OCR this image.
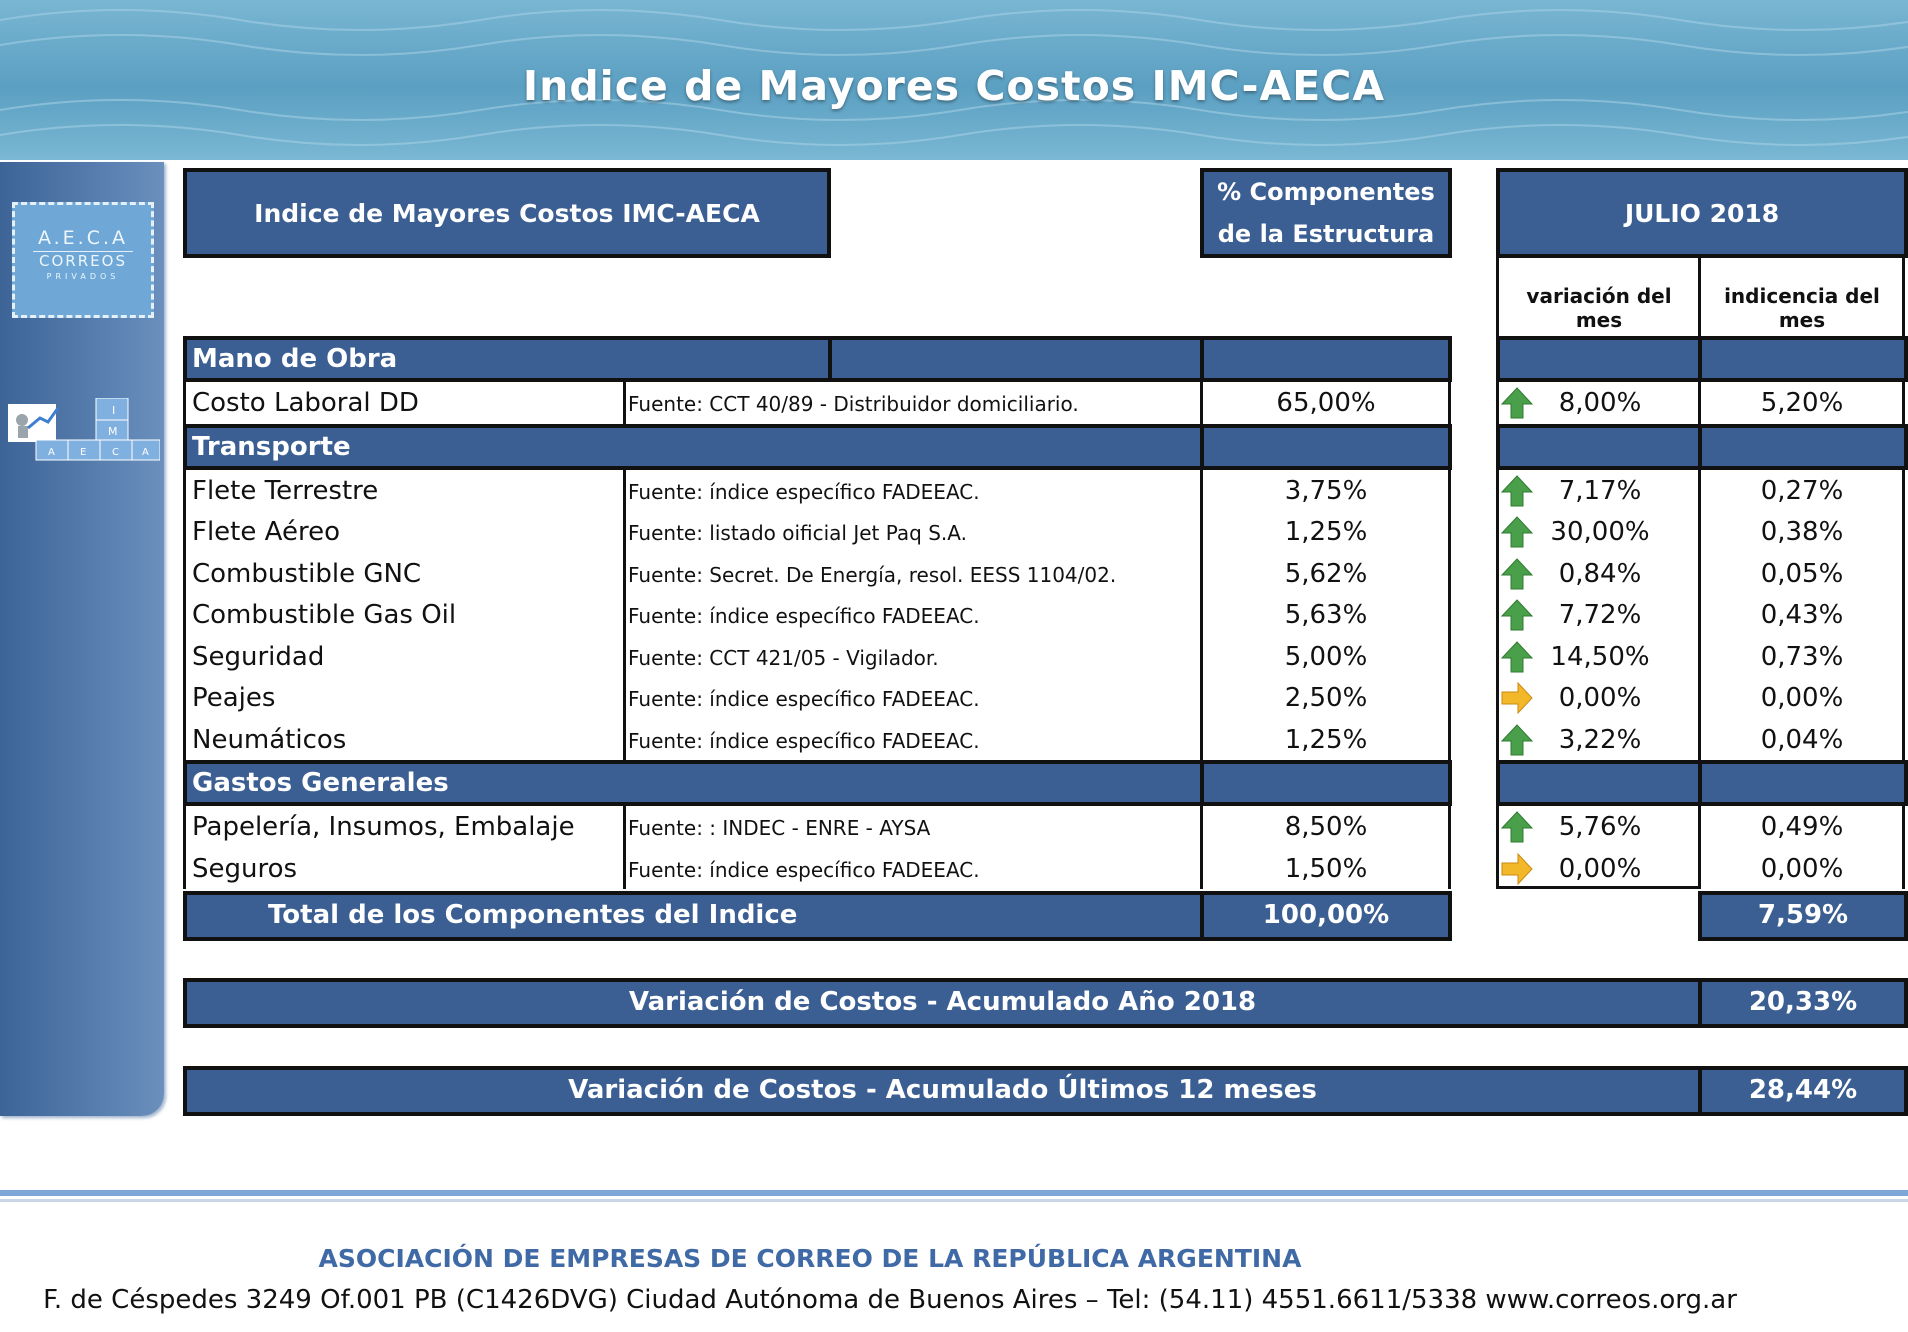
Indice de Mayores Costos IMC-AECA
A.E.C.A
CORREOS
PRIVADOS
I
M
A	E	C A
Indice de Mayores Costos IMC-AECA
% Componentes de la Estructura
JULIO 2018
variación del mes
indicencia del mes
Mano de Obra
Costo Laboral DD	Fuente: CCT 40/89 - Distribuidor domiciliario.	65,00%	8,00%	5,20%
Transporte
Flete Terrestre	Fuente: índice específico FADEEAC.	3,75%	7,17%	0,27%
Flete Aéreo	Fuente: listado oificial Jet Paq S.A.	1,25%	30,00%	0,38%
Combustible GNC	Fuente: Secret. De Energía, resol. EESS 1104/02.	5,62%	0,84%	0,05%
Combustible Gas Oil	Fuente: índice específico FADEEAC.	5,63%	7,72%	0,43%
Seguridad	Fuente: CCT 421/05 - Vigilador.	5,00%	14,50%	0,73%
Peajes	Fuente: índice específico FADEEAC.	2,50%	0,00%	0,00%
Neumáticos	Fuente: índice específico FADEEAC.	1,25%	3,22%	0,04%
Gastos Generales
Papelería, Insumos, Embalaje	Fuente: : INDEC - ENRE - AYSA	8,50%	5,76%	0,49%
Seguros	Fuente: índice específico FADEEAC.	1,50%	0,00%	0,00%
Total de los Componentes del Indice	100,00%	7,59%
Variación de Costos - Acumulado Año 2018	20,33%
Variación de Costos - Acumulado Últimos 12 meses	28,44%
ASOCIACIÓN DE EMPRESAS DE CORREO DE LA REPÚBLICA ARGENTINA
F. de Céspedes 3249 Of.001 PB (C1426DVG) Ciudad Autónoma de Buenos Aires – Tel: (54.11) 4551.6611/5338 www.correos.org.ar
